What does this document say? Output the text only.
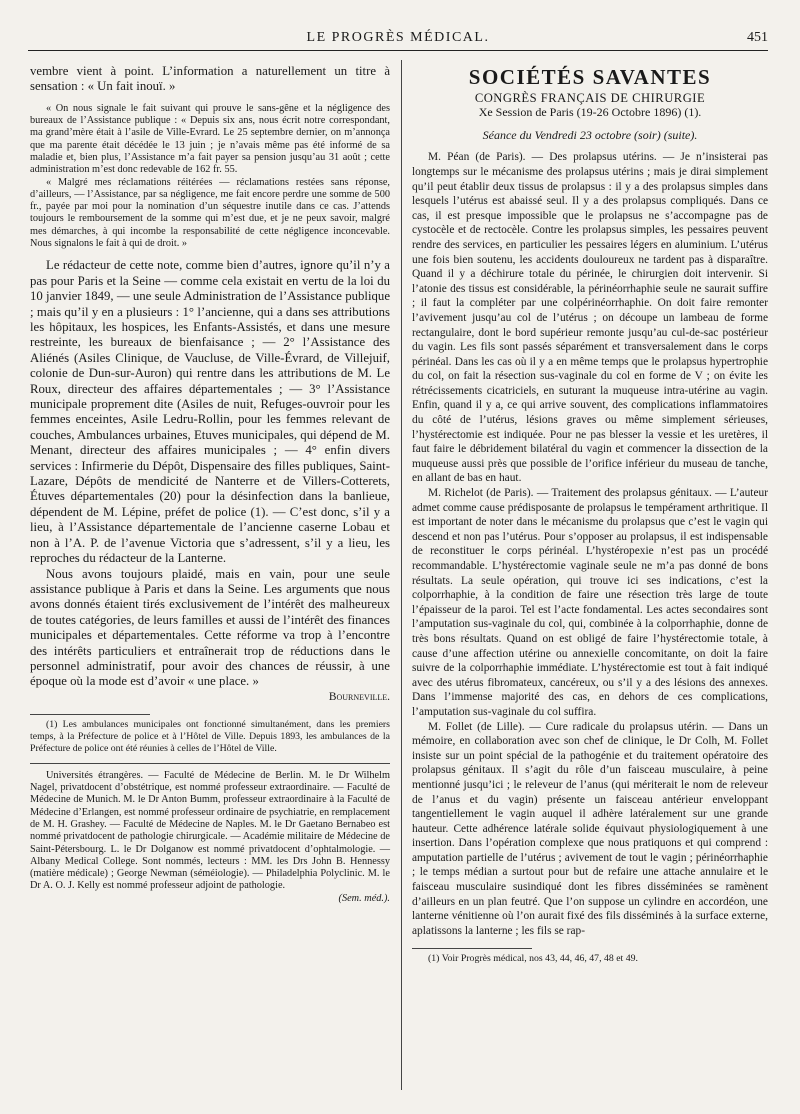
LE PROGRÈS MÉDICAL.	451

vembre vient à point. L’information a naturellement un titre à sensation : « Un fait inouï. »

« On nous signale le fait suivant qui prouve le sans-gêne et la négligence des bureaux de l’Assistance publique : « Depuis six ans, nous écrit notre correspondant, ma grand’mère était à l’asile de Ville-Evrard. Le 25 septembre dernier, on m’annonça que ma parente était décédée le 13 juin ; je n’avais même pas été informé de sa maladie et, bien plus, l’Assistance m’a fait payer sa pension jusqu’au 31 août ; cette administration m’est donc redevable de 162 fr. 55.

« Malgré mes réclamations réitérées — réclamations restées sans réponse, d’ailleurs, — l’Assistance, par sa négligence, me fait encore perdre une somme de 500 fr., payée par moi pour la nomination d’un séquestre inutile dans ce cas. J’attends toujours le remboursement de la somme qui m’est due, et je ne peux savoir, malgré mes démarches, à qui incombe la responsabilité de cette négligence inconcevable. Nous signalons le fait à qui de droit. »

Le rédacteur de cette note, comme bien d’autres, ignore qu’il n’y a pas pour Paris et la Seine — comme cela existait en vertu de la loi du 10 janvier 1849, — une seule Administration de l’Assistance publique ; mais qu’il y en a plusieurs : 1° l’ancienne, qui a dans ses attributions les hôpitaux, les hospices, les Enfants-Assistés, et dans une mesure restreinte, les bureaux de bienfaisance ; — 2° l’Assistance des Aliénés (Asiles Clinique, de Vaucluse, de Ville-Évrard, de Villejuif, colonie de Dun-sur-Auron) qui rentre dans les attributions de M. Le Roux, directeur des affaires départementales ; — 3° l’Assistance municipale proprement dite (Asiles de nuit, Refuges-ouvroir pour les femmes enceintes, Asile Ledru-Rollin, pour les femmes relevant de couches, Ambulances urbaines, Etuves municipales, qui dépend de M. Menant, directeur des affaires municipales ; — 4° enfin divers services : Infirmerie du Dépôt, Dispensaire des filles publiques, Saint-Lazare, Dépôts de mendicité de Nanterre et de Villers-Cotterets, Étuves départementales (20) pour la désinfection dans la banlieue, dépendent de M. Lépine, préfet de police (1). — C’est donc, s’il y a lieu, à l’Assistance départementale de l’ancienne caserne Lobau et non à l’A. P. de l’avenue Victoria que s’adressent, s’il y a lieu, les reproches du rédacteur de la Lanterne.

Nous avons toujours plaidé, mais en vain, pour une seule assistance publique à Paris et dans la Seine. Les arguments que nous avons donnés étaient tirés exclusivement de l’intérêt des malheureux de toutes catégories, de leurs familles et aussi de l’intérêt des finances municipales et départementales. Cette réforme va trop à l’encontre des intérêts particuliers et entraînerait trop de réductions dans le personnel administratif, pour avoir des chances de réussir, à une époque où la mode est d’avoir « une place. »

Bourneville.

(1) Les ambulances municipales ont fonctionné simultanément, dans les premiers temps, à la Préfecture de police et à l’Hôtel de Ville. Depuis 1893, les ambulances de la Préfecture de police ont été réunies à celles de l’Hôtel de Ville.

Universités étrangères. — Faculté de Médecine de Berlin. M. le Dr Wilhelm Nagel, privatdocent d’obstétrique, est nommé professeur extraordinaire. — Faculté de Médecine de Munich. M. le Dr Anton Bumm, professeur extraordinaire à la Faculté de Médecine d’Erlangen, est nommé professeur ordinaire de psychiatrie, en remplacement de M. H. Grashey. — Faculté de Médecine de Naples. M. le Dr Gaetano Bernabeo est nommé privatdocent de pathologie chirurgicale. — Académie militaire de Médecine de Saint-Pétersbourg. L. le Dr Dolganow est nommé privatdocent d’ophtalmologie. — Albany Medical College. Sont nommés, lecteurs : MM. les Drs John B. Hennessy (matière médicale) ; George Newman (séméiologie). — Philadelphia Polyclinic. M. le Dr A. O. J. Kelly est nommé professeur adjoint de pathologie.

(Sem. méd.).
SOCIÉTÉS SAVANTES
CONGRÈS FRANÇAIS DE CHIRURGIE
Xe Session de Paris (19-26 Octobre 1896) (1).
Séance du Vendredi 23 octobre (soir) (suite).

M. Péan (de Paris). — Des prolapsus utérins. — Je n’insisterai pas longtemps sur le mécanisme des prolapsus utérins ; mais je dirai simplement qu’il peut établir deux tissus de prolapsus : il y a des prolapsus simples dans lesquels l’utérus est abaissé seul. Il y a des prolapsus compliqués. Dans ce cas, il est presque impossible que le prolapsus ne s’accompagne pas de cystocèle et de rectocèle. Contre les prolapsus simples, les pessaires peuvent rendre des services, en particulier les pessaires légers en aluminium. L’utérus une fois bien soutenu, les accidents douloureux ne tardent pas à disparaître. Quand il y a déchirure totale du périnée, le chirurgien doit intervenir. Si l’atonie des tissus est considérable, la périnéorrhaphie seule ne saurait suffire ; il faut la compléter par une colpérinéorrhaphie. On doit faire remonter l’avivement jusqu’au col de l’utérus ; on découpe un lambeau de forme rectangulaire, dont le bord supérieur remonte jusqu’au cul-de-sac postérieur du vagin. Les fils sont passés séparément et transversalement dans le corps périnéal. Dans les cas où il y a en même temps que le prolapsus hypertrophie du col, on fait la résection sus-vaginale du col en forme de V ; on évite les rétrécissements cicatriciels, en suturant la muqueuse intra-utérine au vagin. Enfin, quand il y a, ce qui arrive souvent, des complications inflammatoires du côté de l’utérus, lésions graves ou même simplement sérieuses, l’hystérectomie est indiquée. Pour ne pas blesser la vessie et les uretères, il faut faire le débridement bilatéral du vagin et commencer la dissection de la muqueuse aussi près que possible de l’orifice inférieur du museau de tanche, en allant de bas en haut.

M. Richelot (de Paris). — Traitement des prolapsus génitaux. — L’auteur admet comme cause prédisposante de prolapsus le tempérament arthritique. Il est important de noter dans le mécanisme du prolapsus que c’est le vagin qui descend et non pas l’utérus. Pour s’opposer au prolapsus, il est indispensable de reconstituer le corps périnéal. L’hystéropexie n’est pas un procédé recommandable. L’hystérectomie vaginale seule ne m’a pas donné de bons résultats. La seule opération, qui trouve ici ses indications, c’est la colporrhaphie, à la condition de faire une résection très large de toute l’épaisseur de la paroi. Tel est l’acte fondamental. Les actes secondaires sont l’amputation sus-vaginale du col, qui, combinée à la colporrhaphie, donne de très bons résultats. Quand on est obligé de faire l’hystérectomie totale, à cause d’une affection utérine ou annexielle concomitante, on doit la faire suivre de la colporrhaphie immédiate. L’hystérectomie est tout à fait indiqué avec des utérus fibromateux, cancéreux, ou s’il y a des lésions des annexes. Dans l’immense majorité des cas, en dehors de ces complications, l’amputation sus-vaginale du col suffira.

M. Follet (de Lille). — Cure radicale du prolapsus utérin. — Dans un mémoire, en collaboration avec son chef de clinique, le Dr Colh, M. Follet insiste sur un point spécial de la pathogénie et du traitement opératoire des prolapsus génitaux. Il s’agit du rôle d’un faisceau musculaire, à peine mentionné jusqu’ici ; le releveur de l’anus (qui mériterait le nom de releveur de l’anus et du vagin) présente un faisceau antérieur enveloppant tangentiellement le vagin auquel il adhère latéralement sur une grande hauteur. Cette adhérence latérale solide équivaut physiologiquement à une insertion. Dans l’opération complexe que nous pratiquons et qui comprend : amputation partielle de l’utérus ; avivement de tout le vagin ; périnéorrhaphie ; le temps médian a surtout pour but de refaire une attache annulaire et le faisceau musculaire susindiqué dont les fibres disséminées se ramènent d’ailleurs en un plan feutré. Que l’on suppose un cylindre en accordéon, une lanterne vénitienne où l’on aurait fixé des fils disséminés à la surface externe, aplatissons la lanterne ; les fils se rap-

(1) Voir Progrès médical, nos 43, 44, 46, 47, 48 et 49.
